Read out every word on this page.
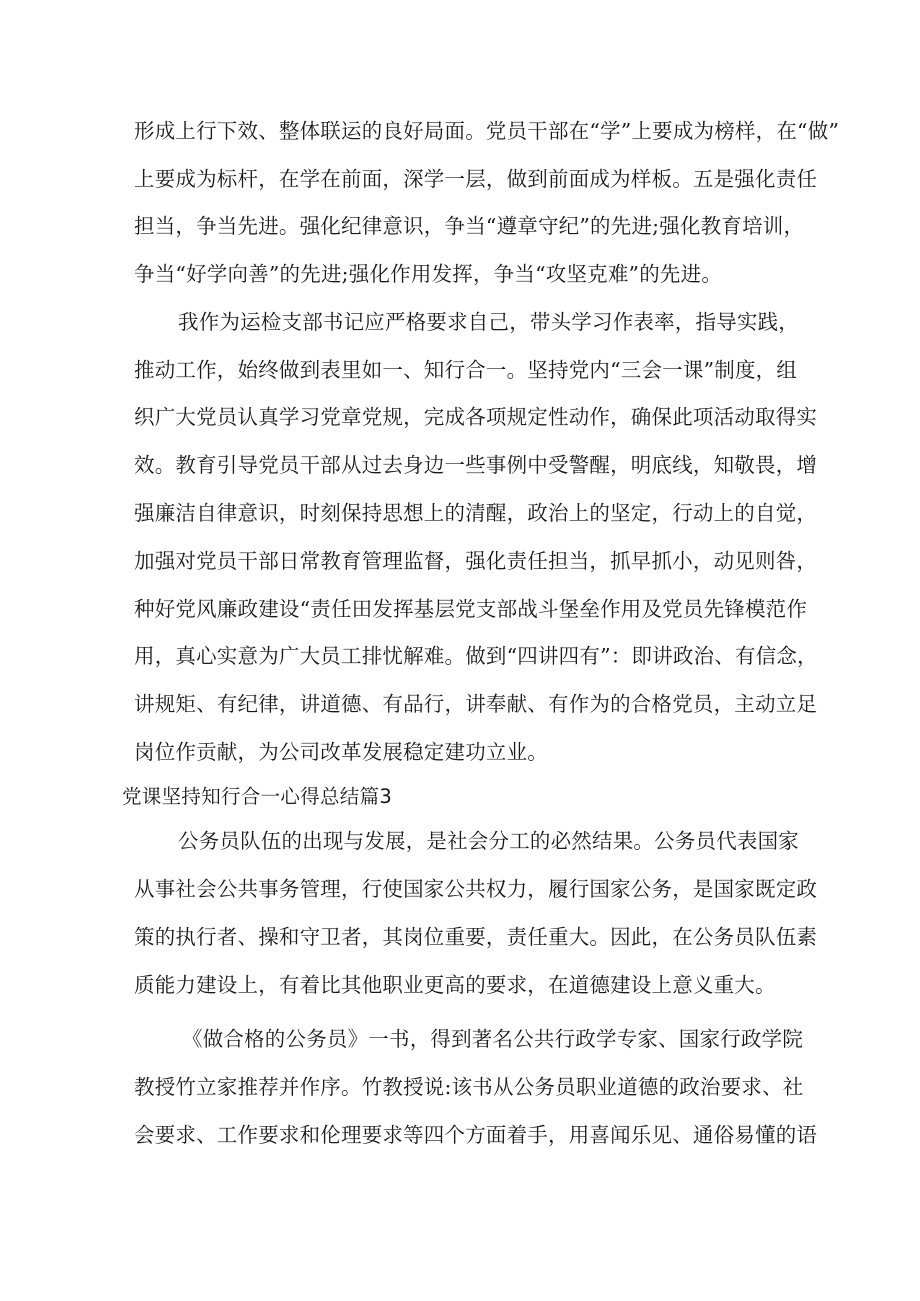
形成上行下效、整体联运的良好局面。党员干部在“学”上要成为榜样，在“做”
上要成为标杆，在学在前面，深学一层，做到前面成为样板。五是强化责任
担当，争当先进。强化纪律意识，争当“遵章守纪”的先进;强化教育培训，
争当“好学向善”的先进;强化作用发挥，争当“攻坚克难”的先进。
我作为运检支部书记应严格要求自己，带头学习作表率，指导实践，
推动工作，始终做到表里如一、知行合一。坚持党内“三会一课”制度，组
织广大党员认真学习党章党规，完成各项规定性动作，确保此项活动取得实
效。教育引导党员干部从过去身边一些事例中受警醒，明底线，知敬畏，增
强廉洁自律意识，时刻保持思想上的清醒，政治上的坚定，行动上的自觉，
加强对党员干部日常教育管理监督，强化责任担当，抓早抓小，动见则咎，
种好党风廉政建设“责任田发挥基层党支部战斗堡垒作用及党员先锋模范作
用，真心实意为广大员工排忧解难。做到“四讲四有”：即讲政治、有信念，
讲规矩、有纪律，讲道德、有品行，讲奉献、有作为的合格党员，主动立足
岗位作贡献，为公司改革发展稳定建功立业。
党课坚持知行合一心得总结篇3
公务员队伍的出现与发展，是社会分工的必然结果。公务员代表国家
从事社会公共事务管理，行使国家公共权力，履行国家公务，是国家既定政
策的执行者、操和守卫者，其岗位重要，责任重大。因此，在公务员队伍素
质能力建设上，有着比其他职业更高的要求，在道德建设上意义重大。
《做合格的公务员》一书，得到著名公共行政学专家、国家行政学院
教授竹立家推荐并作序。竹教授说:该书从公务员职业道德的政治要求、社
会要求、工作要求和伦理要求等四个方面着手，用喜闻乐见、通俗易懂的语
